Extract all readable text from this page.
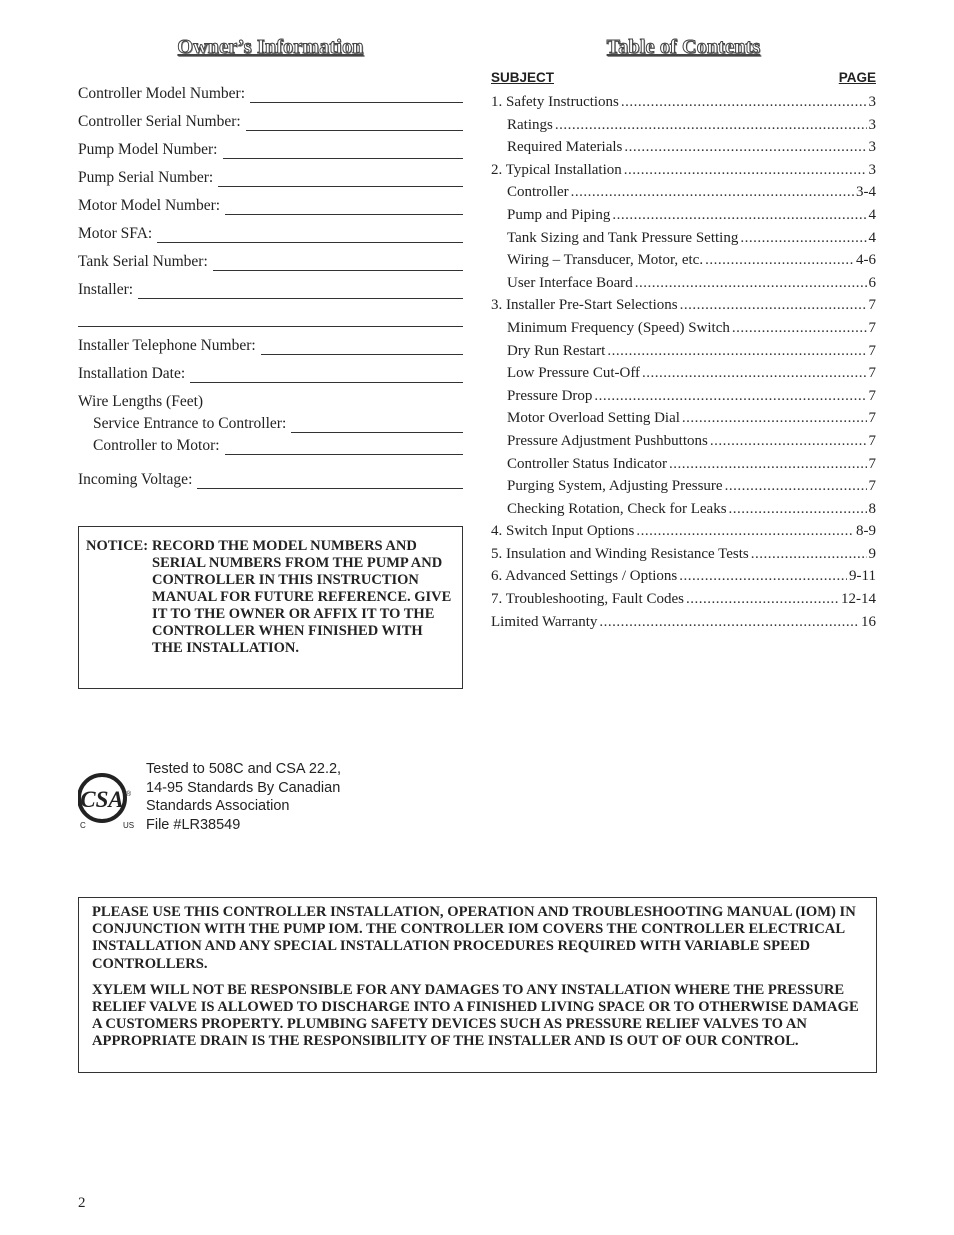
Owner’s Information	Table of Contents
Controller Model Number:
Controller Serial Number:
Pump Model Number:
Pump Serial Number:
Motor Model Number:
Motor SFA:
Tank Serial Number:
Installer:
Installer Telephone Number:
Installation Date:
Wire Lengths (Feet)
Service Entrance to Controller:
Controller to Motor:
Incoming Voltage:
NOTICE: RECORD THE MODEL NUMBERS AND SERIAL NUMBERS FROM THE PUMP AND CONTROLLER IN THIS INSTRUCTION MANUAL FOR FUTURE REFERENCE. GIVE IT TO THE OWNER OR AFFIX IT TO THE CONTROLLER WHEN FINISHED WITH THE INSTALLATION.
SUBJECT	PAGE
1. Safety Instructions .....	3
Ratings .....	3
Required Materials .....	3
2. Typical Installation .....	3
Controller .....	3-4
Pump and Piping .....	4
Tank Sizing and Tank Pressure Setting .....	4
Wiring – Transducer, Motor, etc. .....	4-6
User Interface Board .....	6
3. Installer Pre-Start Selections .....	7
Minimum Frequency (Speed) Switch .....	7
Dry Run Restart .....	7
Low Pressure Cut-Off .....	7
Pressure Drop .....	7
Motor Overload Setting Dial .....	7
Pressure Adjustment Pushbuttons .....	7
Controller Status Indicator .....	7
Purging System, Adjusting Pressure .....	7
Checking Rotation, Check for Leaks .....	8
4. Switch Input Options .....	8-9
5. Insulation and Winding Resistance Tests .....	9
6. Advanced Settings / Options .....	9-11
7. Troubleshooting, Fault Codes .....	12-14
Limited Warranty .....	16
CSA
C	US
®
Tested to 508C and CSA 22.2,
14-95 Standards By Canadian
Standards Association
File #LR38549

PLEASE USE THIS CONTROLLER INSTALLATION, OPERATION AND TROUBLESHOOTING MANUAL (IOM) IN CONJUNCTION WITH THE PUMP IOM. THE CONTROLLER IOM COVERS THE CONTROLLER ELECTRICAL INSTALLATION AND ANY SPECIAL INSTALLATION PROCEDURES REQUIRED WITH VARIABLE SPEED CONTROLLERS.

XYLEM WILL NOT BE RESPONSIBLE FOR ANY DAMAGES TO ANY INSTALLATION WHERE THE PRESSURE RELIEF VALVE IS ALLOWED TO DISCHARGE INTO A FINISHED LIVING SPACE OR TO OTHERWISE DAMAGE A CUSTOMERS PROPERTY. PLUMBING SAFETY DEVICES SUCH AS PRESSURE RELIEF VALVES TO AN APPROPRIATE DRAIN IS THE RESPONSIBILITY OF THE INSTALLER AND IS OUT OF OUR CONTROL.

2
